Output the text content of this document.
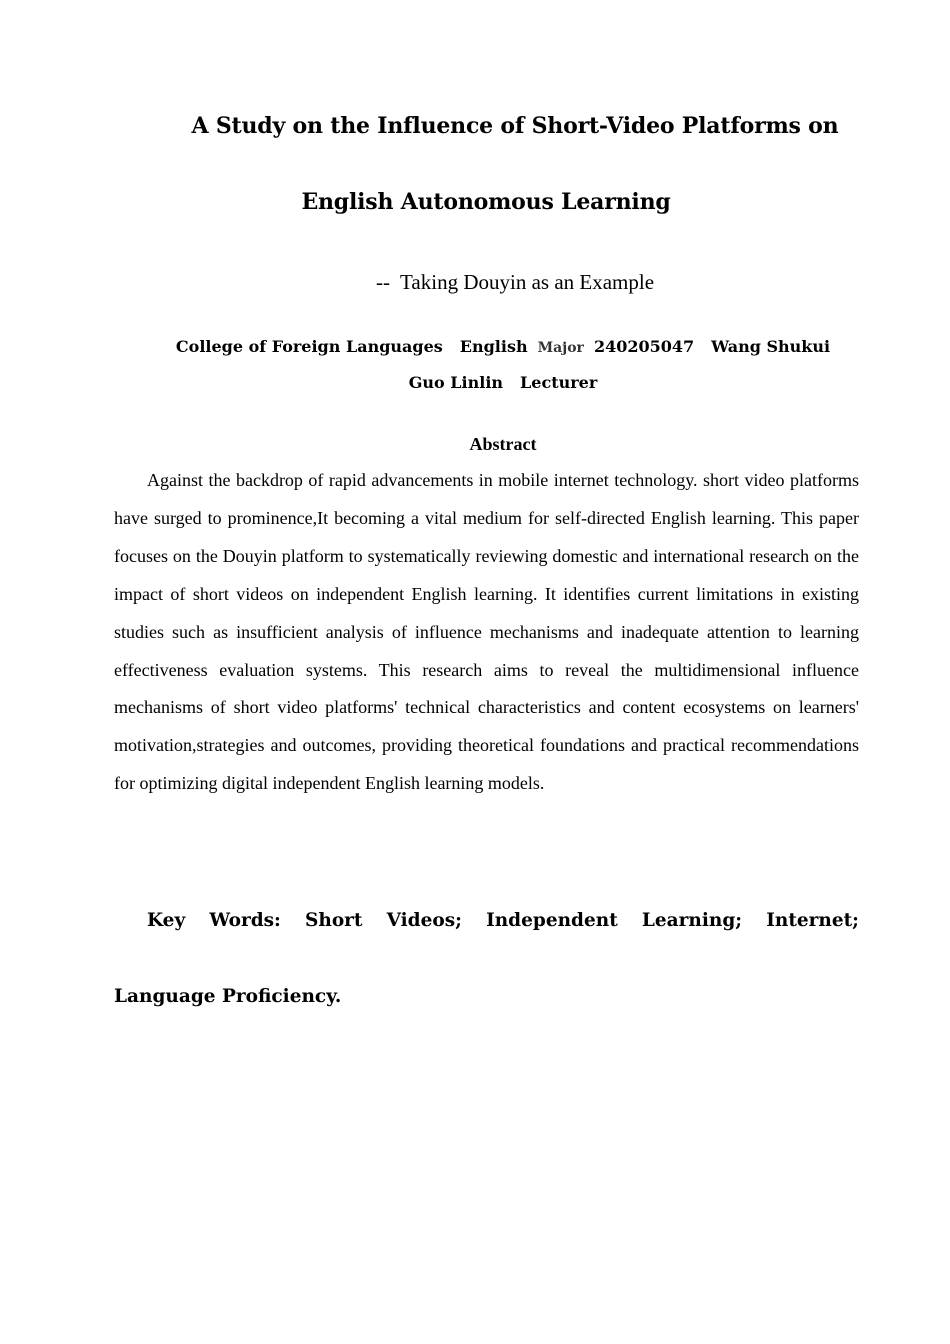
A Study on the Influence of Short-Video Platforms on
English Autonomous Learning
--  Taking Douyin as an Example
College of Foreign Languages English Major 240205047 Wang Shukui
Guo Linlin Lecturer
Abstract

Against the backdrop of rapid advancements in mobile internet technology. short video platforms have surged to prominence,It becoming a vital medium for self-directed English learning. This paper focuses on the Douyin platform to systematically reviewing domestic and international research on the impact of short videos on independent English learning. It identifies current limitations in existing studies such as insufficient analysis of influence mechanisms and inadequate attention to learning effectiveness evaluation systems. This research aims to reveal the multidimensional influence mechanisms of short video platforms' technical characteristics and content ecosystems on learners' motivation,strategies and outcomes, providing theoretical foundations and practical recommendations for optimizing digital independent English learning models.

Key Words: Short Videos; Independent Learning; Internet; Language Proficiency.
